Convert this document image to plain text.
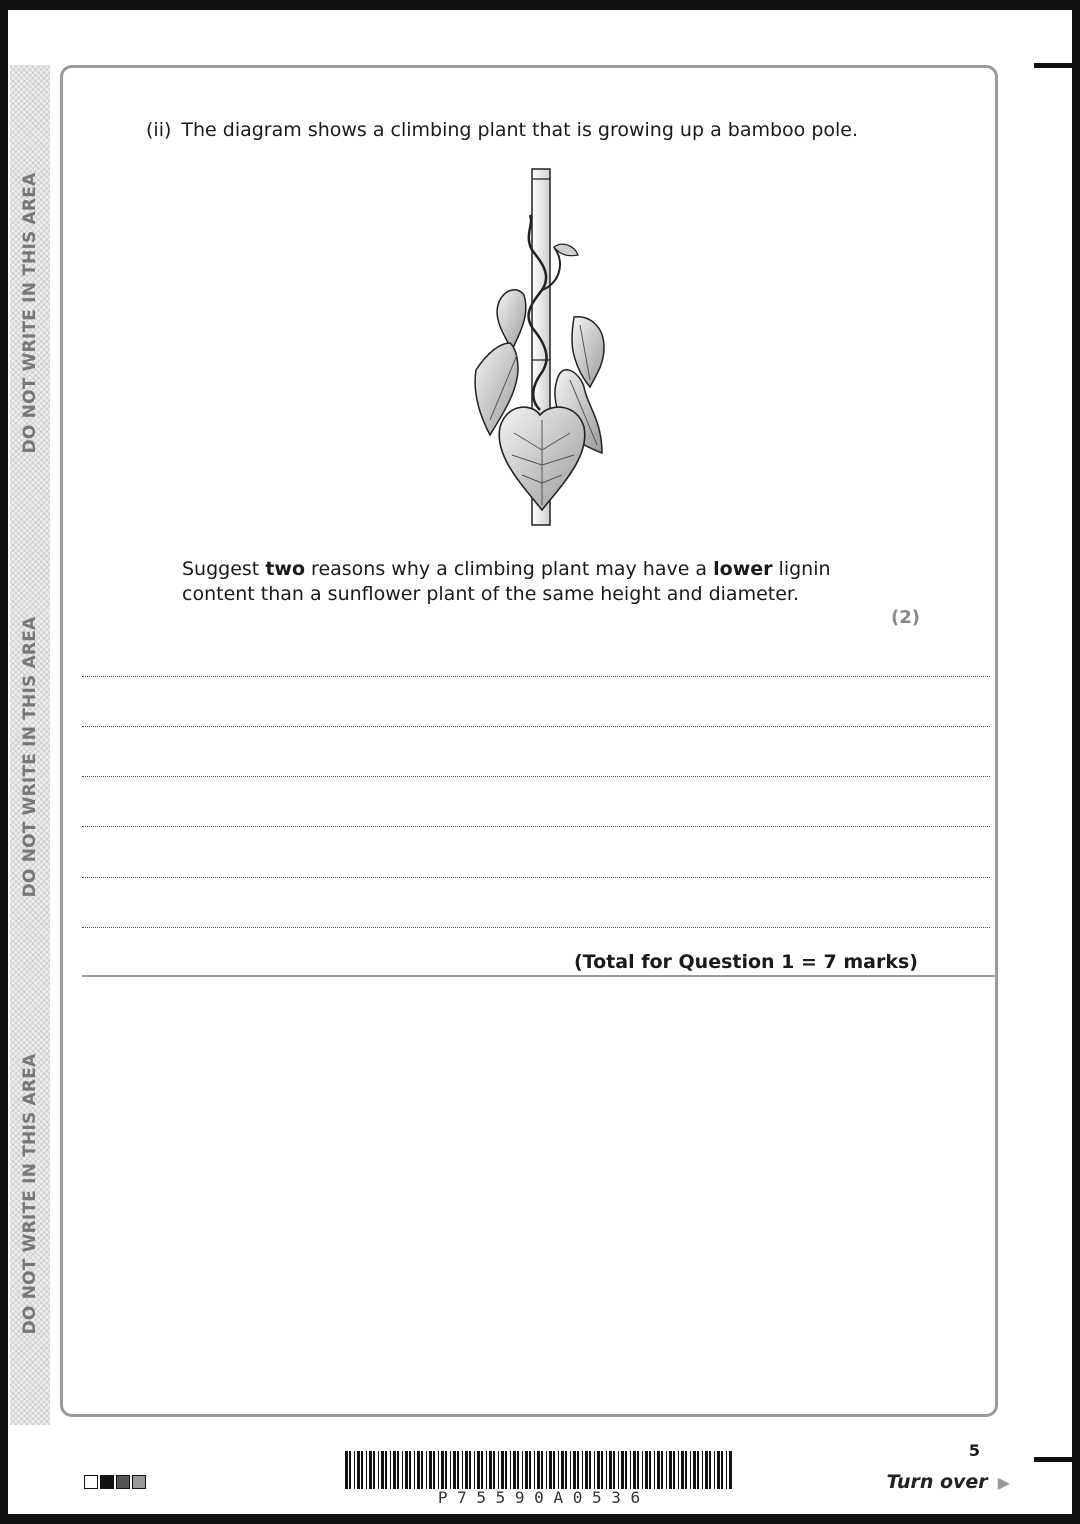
DO NOT WRITE IN THIS AREA
DO NOT WRITE IN THIS AREA
DO NOT WRITE IN THIS AREA
(ii) The diagram shows a climbing plant that is growing up a bamboo pole.
Suggest two reasons why a climbing plant may have a lower lignin content than a sunflower plant of the same height and diameter.
(2)
(Total for Question 1 = 7 marks)
P 7 5 5 9 0 A 0 5 3 6
5
Turn over ▶
